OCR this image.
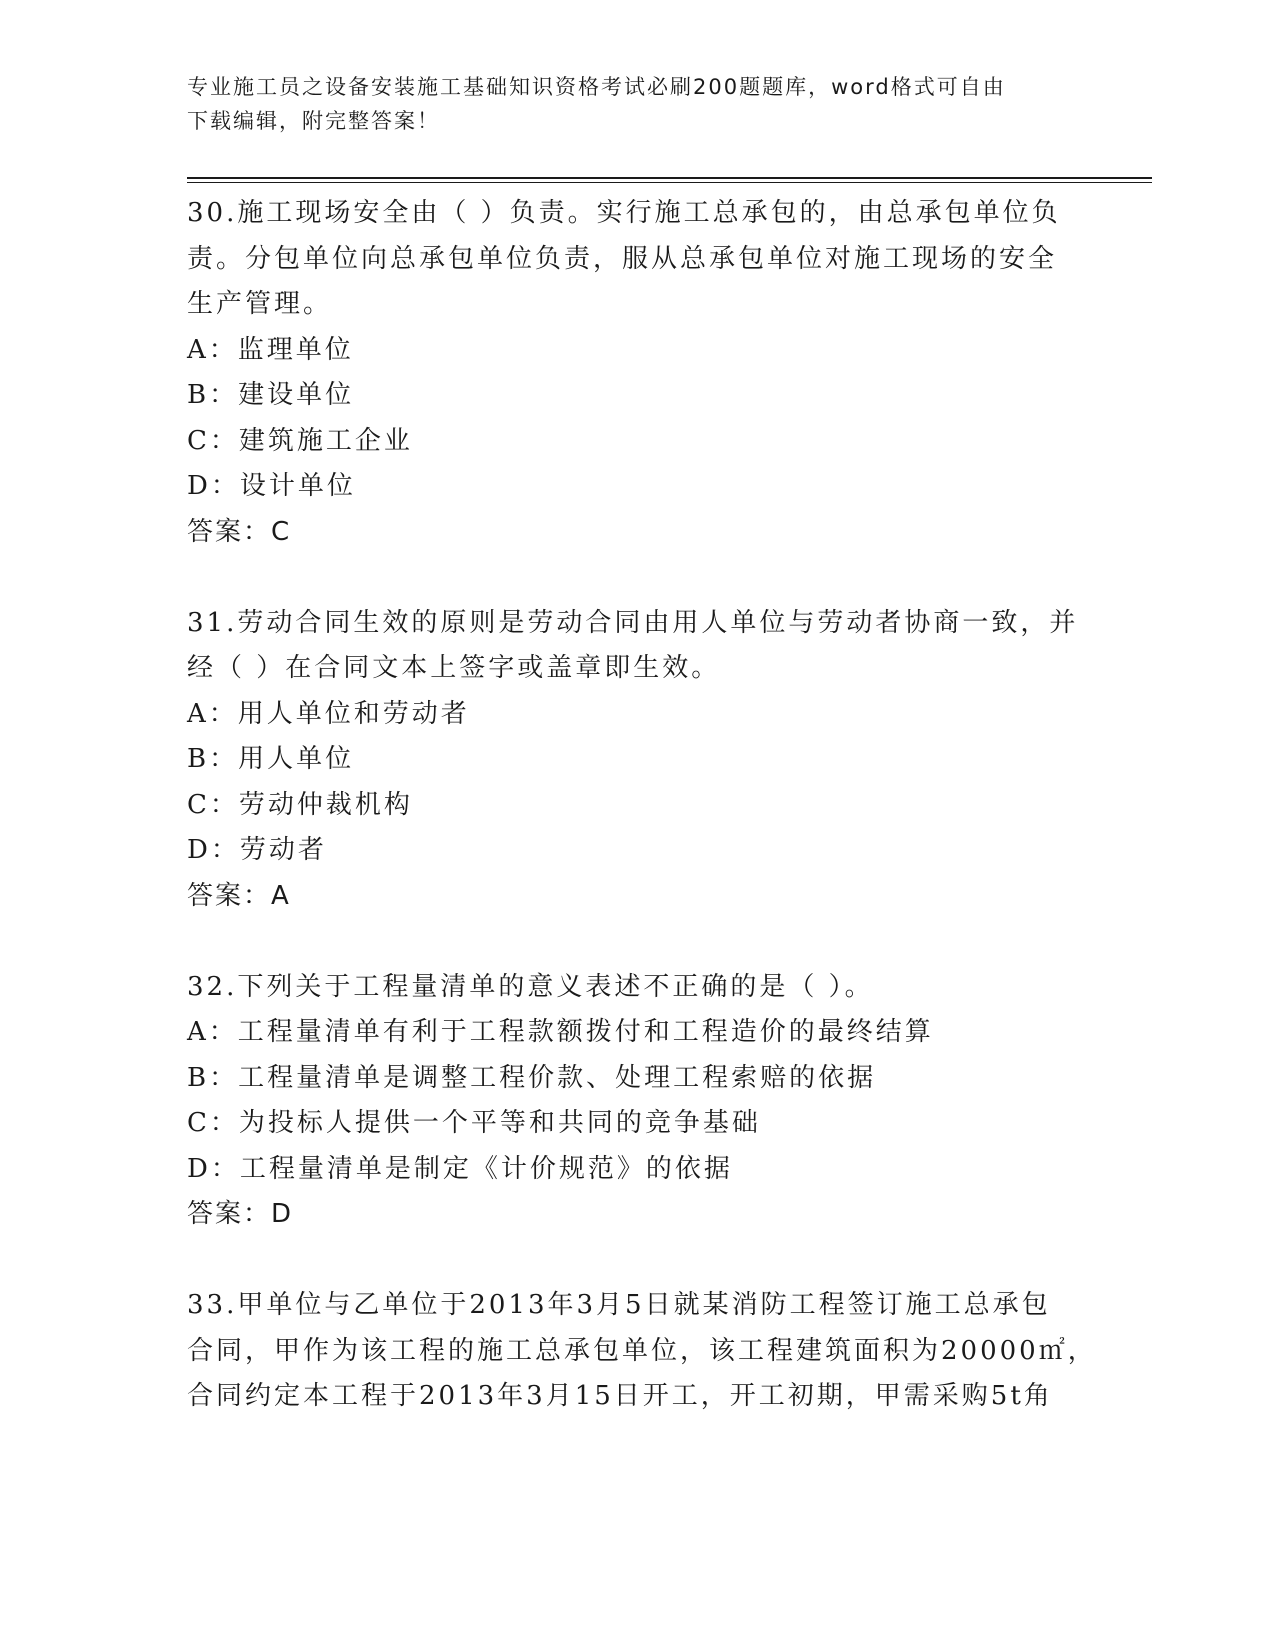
专业施工员之设备安装施工基础知识资格考试必刷200题题库，word格式可自由
下载编辑，附完整答案！
30.施工现场安全由（ ）负责。实行施工总承包的，由总承包单位负
责。分包单位向总承包单位负责，服从总承包单位对施工现场的安全
生产管理。
A：监理单位
B：建设单位
C：建筑施工企业
D：设计单位
答案：C
31.劳动合同生效的原则是劳动合同由用人单位与劳动者协商一致，并
经（ ）在合同文本上签字或盖章即生效。
A：用人单位和劳动者
B：用人单位
C：劳动仲裁机构
D：劳动者
答案：A
32.下列关于工程量清单的意义表述不正确的是（ ）。
A：工程量清单有利于工程款额拨付和工程造价的最终结算
B：工程量清单是调整工程价款、处理工程索赔的依据
C：为投标人提供一个平等和共同的竞争基础
D：工程量清单是制定《计价规范》的依据
答案：D
33.甲单位与乙单位于2013年3月5日就某消防工程签订施工总承包
合同，甲作为该工程的施工总承包单位，该工程建筑面积为20000㎡，
合同约定本工程于2013年3月15日开工，开工初期，甲需采购5t角
